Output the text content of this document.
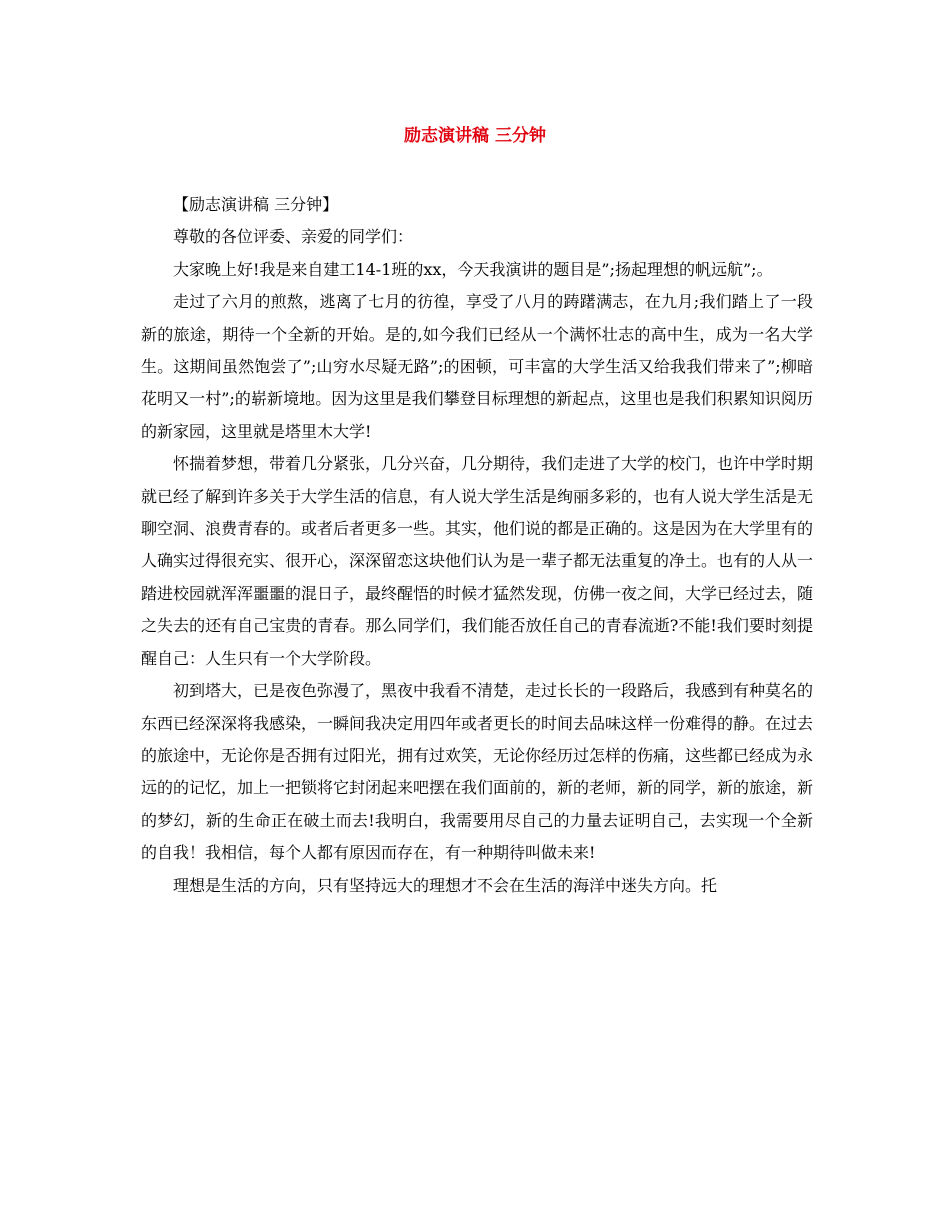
励志演讲稿 三分钟

【励志演讲稿 三分钟】

尊敬的各位评委、亲爱的同学们：

大家晚上好!我是来自建工14-1班的xx，今天我演讲的题目是”;扬起理想的帆远航”;。

走过了六月的煎熬，逃离了七月的彷徨，享受了八月的踌躇满志，在九月;我们踏上了一段新的旅途，期待一个全新的开始。是的,如今我们已经从一个满怀壮志的高中生，成为一名大学生。这期间虽然饱尝了”;山穷水尽疑无路”;的困顿，可丰富的大学生活又给我我们带来了”;柳暗花明又一村”;的崭新境地。因为这里是我们攀登目标理想的新起点，这里也是我们积累知识阅历的新家园，这里就是塔里木大学!

怀揣着梦想，带着几分紧张，几分兴奋，几分期待，我们走进了大学的校门，也许中学时期就已经了解到许多关于大学生活的信息，有人说大学生活是绚丽多彩的，也有人说大学生活是无聊空洞、浪费青春的。或者后者更多一些。其实，他们说的都是正确的。这是因为在大学里有的人确实过得很充实、很开心，深深留恋这块他们认为是一辈子都无法重复的净土。也有的人从一踏进校园就浑浑噩噩的混日子，最终醒悟的时候才猛然发现，仿佛一夜之间，大学已经过去，随之失去的还有自己宝贵的青春。那么同学们，我们能否放任自己的青春流逝?不能!我们要时刻提醒自己：人生只有一个大学阶段。

初到塔大，已是夜色弥漫了，黑夜中我看不清楚，走过长长的一段路后，我感到有种莫名的东西已经深深将我感染，一瞬间我决定用四年或者更长的时间去品味这样一份难得的静。在过去的旅途中，无论你是否拥有过阳光，拥有过欢笑，无论你经历过怎样的伤痛，这些都已经成为永远的的记忆，加上一把锁将它封闭起来吧摆在我们面前的，新的老师，新的同学，新的旅途，新的梦幻，新的生命正在破土而去!我明白，我需要用尽自己的力量去证明自己，去实现一个全新的自我！我相信，每个人都有原因而存在，有一种期待叫做未来!

理想是生活的方向，只有坚持远大的理想才不会在生活的海洋中迷失方向。托
